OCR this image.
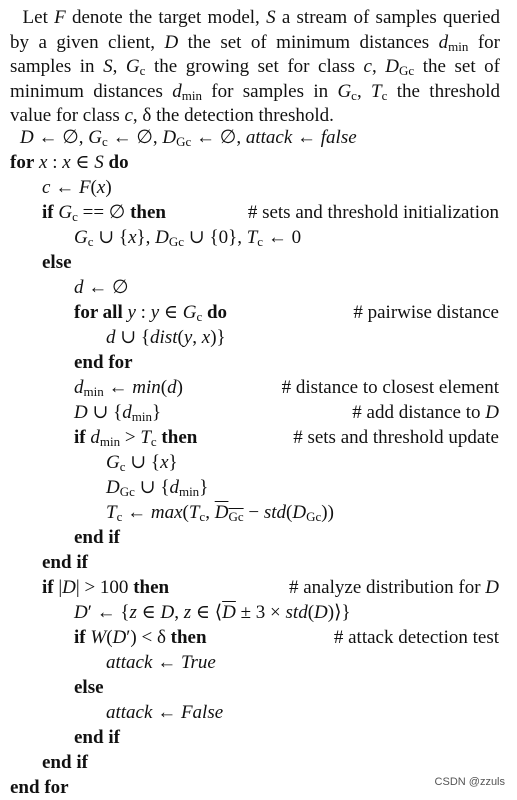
Let F denote the target model, S a stream of samples queried by a given client, D the set of minimum distances $d_{min}$ for samples in S, $G_c$ the growing set for class c, $D_{Gc}$ the set of minimum distances $d_{min}$ for samples in $G_c$, $T_c$ the threshold value for class c, δ the detection threshold.

D ← ∅, $G_c$ ← ∅, $D_{Gc}$ ← ∅, attack ← false
for x : x ∈ S do
c ← F(x)
if $G_c$ == ∅ then	# sets and threshold initialization
$G_c$ ∪ {x}, $D_{Gc}$ ∪ {0}, $T_c$ ← 0
else
d ← ∅
for all y : y ∈ $G_c$ do	# pairwise distance
d ∪ {dist(y, x)}
end for
$d_{min}$ ← min(d)	# distance to closest element
D ∪ $\{d_{min}\}$	# add distance to D
if $d_{min} > T_c$ then	# sets and threshold update
$G_c$ ∪ {x}
$D_{Gc}$ ∪ $\{d_{min}\}$
$T_c$ ← $\max(T_c$, $D_{Gc} - std(D_{Gc})$)
end if
end if
if |D| > 100 then	# analyze distribution for D
D′ ← {z ∈ D, z ∈ $⟨\overline{D} \pm 3$ × std(D)⟩}
if W(D′) < δ then	# attack detection test
attack ← True
else
attack ← False
end if
end if
end for	CSDN @zzuls
